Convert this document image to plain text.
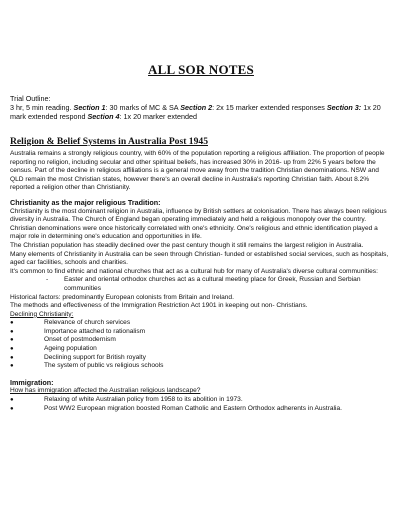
ALL SOR NOTES

Trial Outline:

3 hr, 5 min reading. Section 1: 30 marks of MC & SA Section 2: 2x 15 marker extended responses Section 3: 1x 20 mark extended respond Section 4: 1x 20 marker extended

Religion & Belief Systems in Australia Post 1945

Australia remains a strongly religious country, with 60% of the population reporting a religious affiliation. The proportion of people reporting no religion, including secular and other spiritual beliefs, has increased 30% in 2016- up from 22% 5 years before the census. Part of the decline in religious affiliations is a general move away from the tradition Christian denominations. NSW and QLD remain the most Christian states, however there's an overall decline in Australia's reporting Christian faith. About 8.2% reported a religion other than Christianity.

Christianity as the major religious Tradition:

Christianity is the most dominant religion in Australia, influence by British settlers at colonisation. There has always been religious diversity in Australia. The Church of England began operating immediately and held a religious monopoly over the country. Christian denominations were once historically correlated with one's ethnicity. One's religious and ethnic identification played a major role in determining one's education and opportunities in life.

The Christian population has steadily declined over the past century though it still remains the largest religion in Australia.

Many elements of Christianity in Australia can be seen through Christian- funded or established social services, such as hospitals, aged car facilities, schools and charities.

It's common to find ethnic and national churches that act as a cultural hub for many of Australia's diverse cultural communities:

-	Easter and oriental orthodox churches act as a cultural meeting place for Greek, Russian and Serbian communities

Historical factors: predominantly European colonists from Britain and Ireland.

The methods and effectiveness of the Immigration Restriction Act 1901 in keeping out non- Christians.

Declining Christianity:

●	Relevance of church services
●	Importance attached to rationalism
●	Onset of postmodernism
●	Ageing population
●	Declining support for British royalty
●	The system of public vs religious schools

Immigration:

How has immigration affected the Australian religious landscape?

●	Relaxing of white Australian policy from 1958 to its abolition in 1973.
●	Post WW2 European migration boosted Roman Catholic and Eastern Orthodox adherents in Australia.
